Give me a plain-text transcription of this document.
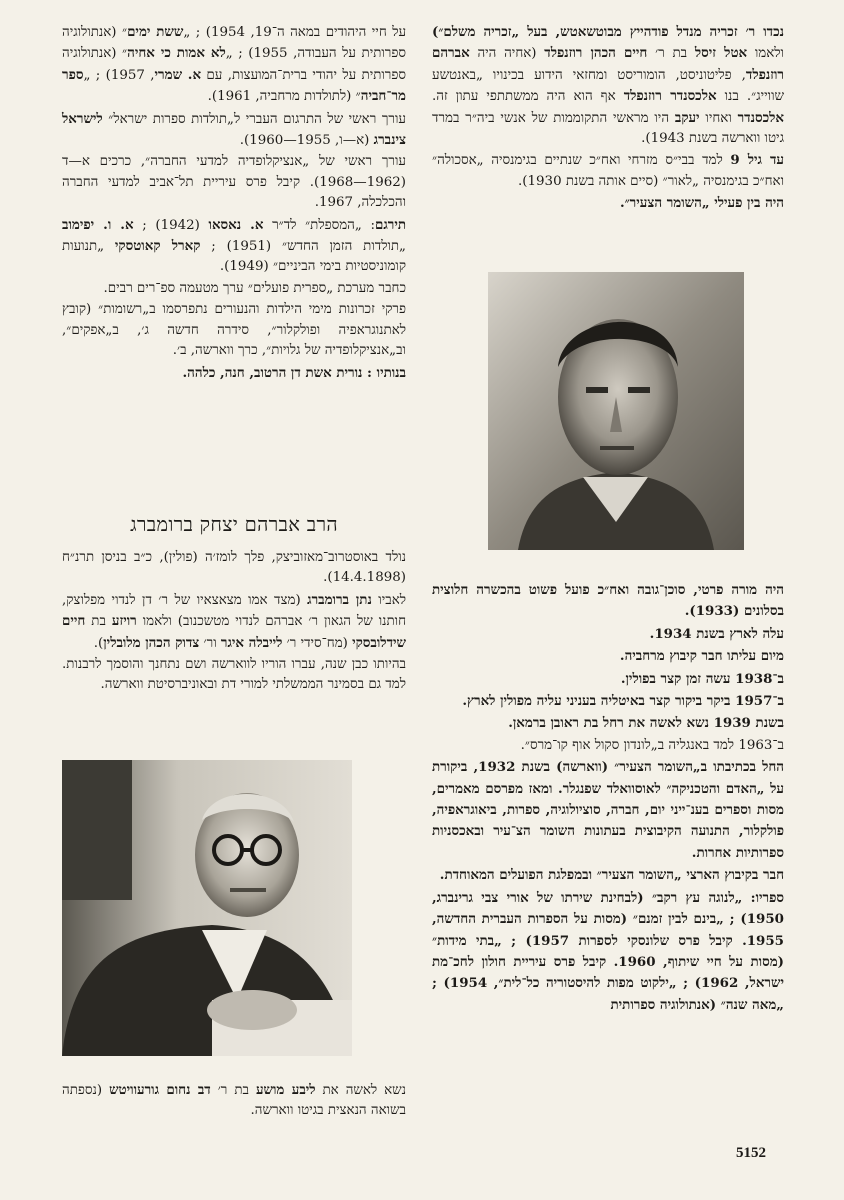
נכדו ר׳ זכריה מנדל פודהייץ מבוטשאטש, בעל „זכריה משלם״) ולאמו אטל זיסל בת ר׳ חיים הכהן רוזנפלד (אחיה היה אברהם רוזנפלד, פליטוניסט, הומוריסט ומחזאי הידוע בכינויו „באנטשע שווייג״. בנו אלכסנדר רוזנפלד אף הוא היה ממשתתפי עתון זה. אלכסנדר ואחיו יעקב היו מראשי התקוממות של אנשי ביה״ר במרד גיטו ווארשה בשנת 1943).

עד גיל 9 למד בבי״ס מזרחי ואח״כ שנתיים בגימנסיה „אסכולה״ ואח״כ בגימנסיה „לאור״ (סיים אותה בשנת 1930).

היה בין פעילי „השומר הצעיר״.

היה מורה פרטי, סוכן־גובה ואח״כ פועל פשוט בהכשרה חלוצית בסלונים (1933).

עלה לארץ בשנת 1934.

מיום עליתו חבר קיבוץ מרחביה.

ב־1938 עשה זמן קצר בפולין.

ב־1957 ביקר ביקור קצר באיטליה בעניני עליה מפולין לארץ.

בשנת 1939 נשא לאשה את רחל בת ראובן ברמאן.

ב־1963 למד באנגליה ב„לונדון סקול אוף קו־מרס״.

החל בכתיבתו ב„השומר הצעיר״ (ווארשה) בשנת 1932, ביקורת על „האדם והטכניקה״ לאוסוואלד שפנגלר. ומאז מפרסם מאמרים, מסות וספרים בענ־ייני יום, חברה, סוציולוגיה, ספרות, ביאוגראפיה, פולקלור, התנועה הקיבוצית בעתונות השומר הצ־עיר ובאכסניות ספרותיות אחרות.

חבר בקיבוץ הארצי „השומר הצעיר״ ובמפלגת הפועלים המאוחדת.

ספריו: „לנוגה עץ רקב״ (לבחינת שירתו של אורי צבי גרינברג, 1950) ; „בינם לבין זמנם״ (מסות על הספרות העברית החדשה, 1955. קיבל פרס שלונסקי לספרות 1957) ; „בתי מידות״ (מסות על חיי שיתוף, 1960. קיבל פרס עיריית חולון לחכ־מת ישראל, 1962) ; „ילקוט מפות להיסטוריה כל־לית״, 1954) ; „מאה שנה״ (אנתולוגיה ספרותית

על חיי היהודים במאה ה־19, 1954) ; „ששת ימים״ (אנתולוגיה ספרותית על העבודה, 1955) ; „לא אמות כי אחיה״ (אנתולוגיה ספרותית על יהודי ברית־המועצות, עם א. שמרי, 1957) ; „ספר מר־חביה״ (לתולדות מרחביה, 1961).

עורך ראשי של התרגום העברי ל„תולדות ספרות ישראל״ לישראל צינברג (א—ו, 1955—1960).

עורך ראשי של „אנציקלופדיה למדעי החברה״, כרכים א—ד (1962—1968). קיבל פרס עיריית תל־אביב למדעי החברה והכלכלה, 1967.

תירגם: „המספלת״ לד״ר א. נאסאו (1942) ; א. ו. יפימוב „תולדות הזמן החדש״ (1951) ; קארל קאוטסקי „תנועות קומוניסטיות בימי הביניים״ (1949).

כחבר מערכת „ספרית פועלים״ ערך מטעמה ספ־רים רבים.

פרקי זכרונות מימי הילדות והנעורים נתפרסמו ב„רשומות״ (קובץ לאתנוגראפיה ופולקלור״, סידרה חדשה ג׳, ב„אפקים״, וב„אנציקלופדיה של גלויות״, כרך ווארשה, ב׳.

בנותיו : נורית אשת דן הרטוב, חנה, כלהה.

הרב אברהם יצחק ברומברג

נולד באוסטרוב־מאזוביצק, פלך לומז׳ה (פולין), כ״ב בניסן תרנ״ח (14.4.1898).

לאביו נתן ברומברג (מצד אמו מצאצאיו של ר׳ דן לנדוי מפלוצק, חותנו של הגאון ר׳ אברהם לנדוי מטשכנוב) ולאמו רויזע בת חיים שידלובסקי (מח־סידי ר׳ לייבלה איגר ור׳ צדוק הכהן מלובלין).

בהיותו כבן שנה, עברו הוריו לווארשה ושם נתחנך והוסמך לרבנות. למד גם בסמינר הממשלתי למורי דת ובאוניברסיטת ווארשה.

נשא לאשה את ליבע מושע בת ר׳ דב נחום גורעוויטש (נספתה בשואה הנאצית בגיטו ווארשה.

5152
